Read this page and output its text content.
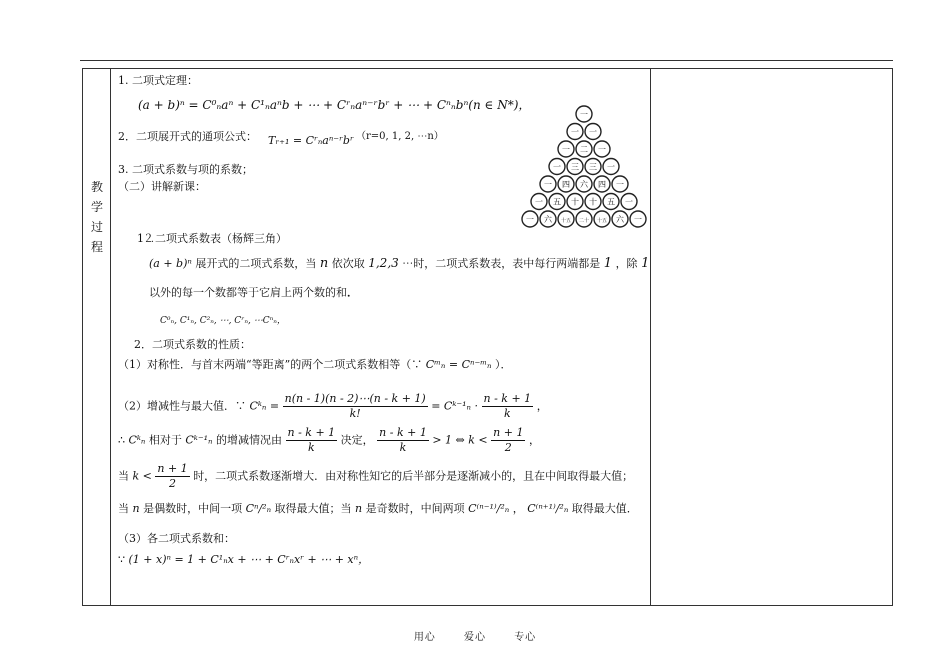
教
学
过
程
1. 二项式定理：
(a + b)ⁿ = C⁰ₙaⁿ + C¹ₙaⁿb + ⋯ + Cʳₙaⁿ⁻ʳbʳ + ⋯ + Cⁿₙbⁿ(n ∈ N*)，
2．二项展开式的通项公式： Tᵣ₊₁ = Cʳₙaⁿ⁻ʳbʳ （r=0, 1, 2, ⋯n）
3. 二项式系数与项的系数；
（二）讲解新课：
1⒉二项式系数表（杨辉三角）
(a + b)ⁿ 展开式的二项式系数，当 n 依次取 1,2,3 ⋯时，二项式系数表，表中每行两端都是 1 ，除 1
以外的每一个数都等于它肩上两个数的和．
C⁰ₙ, C¹ₙ, C²ₙ, ⋯, Cʳₙ, ⋯Cⁿₙ，
2．二项式系数的性质：
（1）对称性．与首末两端“等距离”的两个二项式系数相等（∵ Cᵐₙ = Cⁿ⁻ᵐₙ ）．
（2）增减性与最大值．∵ Cᵏₙ = $\frac{n(n - 1)(n - 2)\cdots(n - k + 1)}{k!}$ = Cᵏ⁻¹ₙ · $\frac{n - k + 1}{k}$ ，
∴ Cᵏₙ 相对于 Cᵏ⁻¹ₙ 的增减情况由 $\frac{n - k + 1}{k}$ 决定， $\frac{n - k + 1}{k} > 1$ ⇔ $k < \frac{n + 1}{2}$ ，
当 $k < \frac{n + 1}{2}$ 时，二项式系数逐渐增大．由对称性知它的后半部分是逐渐减小的，且在中间取得最大值；
当 n 是偶数时，中间一项 Cⁿ/²ₙ 取得最大值；当 n 是奇数时，中间两项 C⁽ⁿ⁻¹⁾/²ₙ ， C⁽ⁿ⁺¹⁾/²ₙ 取得最大值．
（3）各二项式系数和：
∵ (1 + x)ⁿ = 1 + C¹ₙx + ⋯ + Cʳₙxʳ + ⋯ + xⁿ，
一
一 一
一 二 一
一 三 三 一
一 四 六 四 一
一 五 十 十 五 一
一 六 十五 二十 十五 六 一
用心	爱心	专心
